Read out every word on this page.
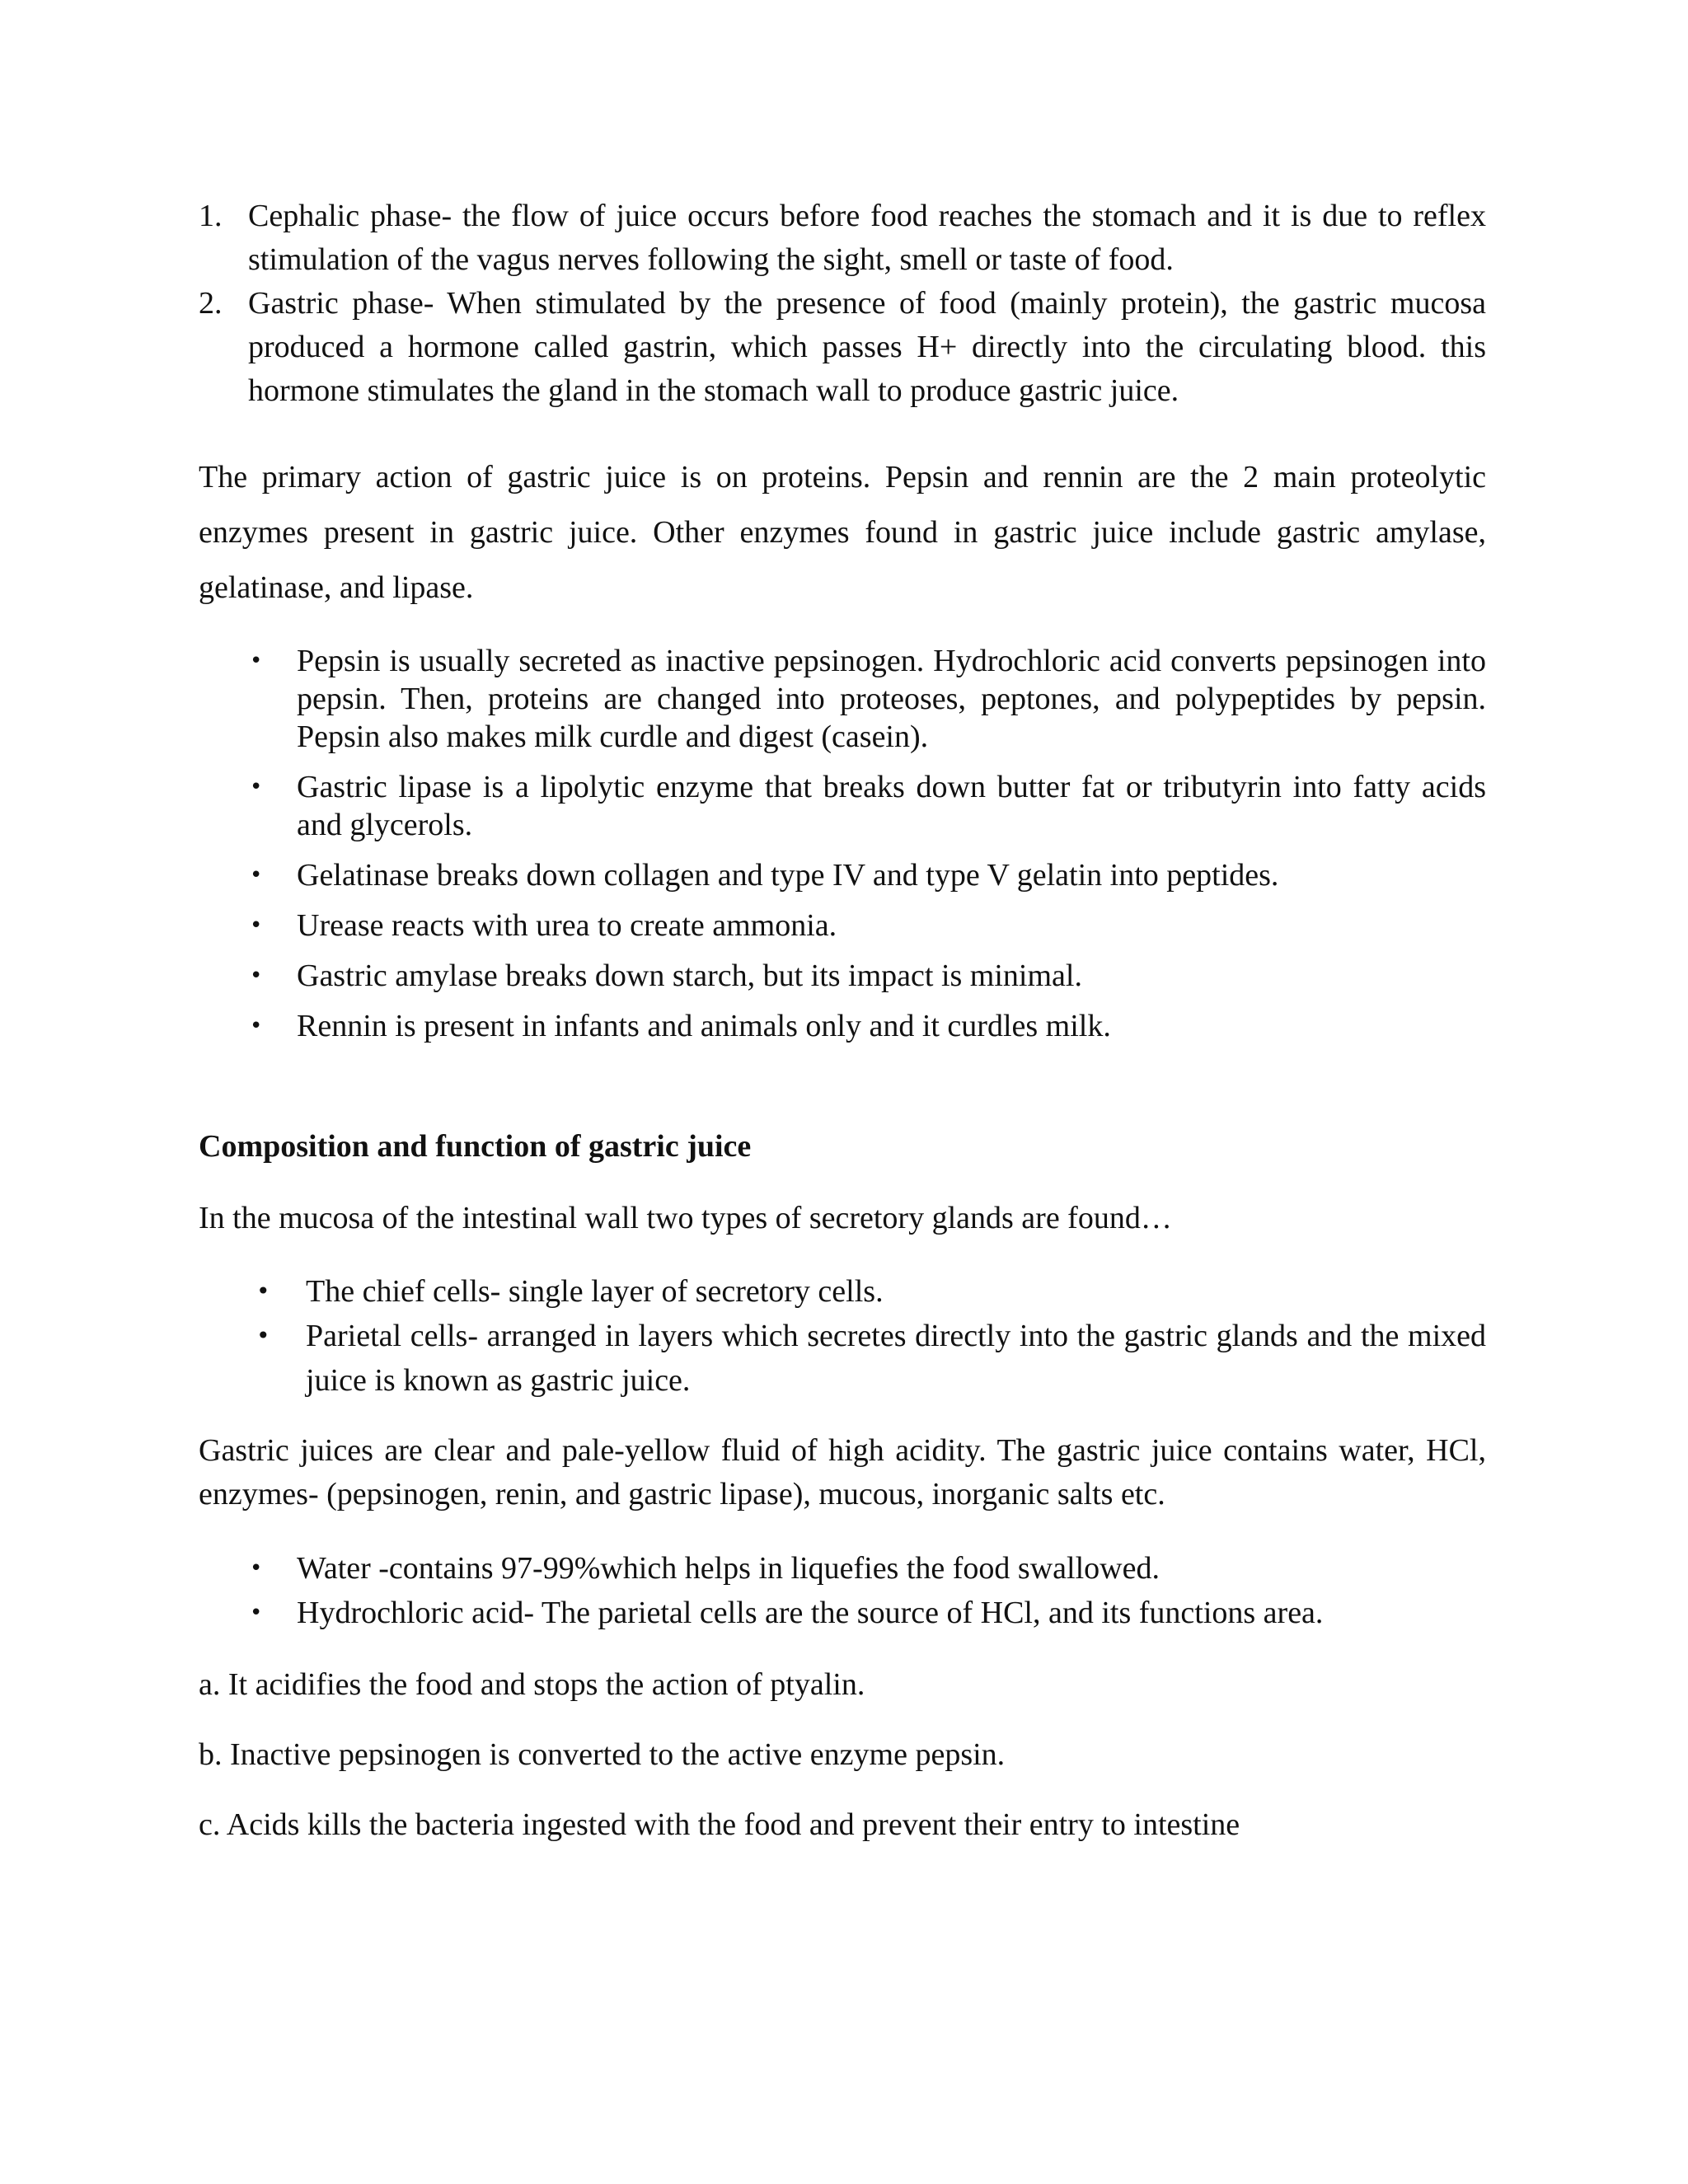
1. Cephalic phase- the flow of juice occurs before food reaches the stomach and it is due to reflex stimulation of the vagus nerves following the sight, smell or taste of food.
2. Gastric phase- When stimulated by the presence of food (mainly protein), the gastric mucosa produced a hormone called gastrin, which passes H+ directly into the circulating blood. this hormone stimulates the gland in the stomach wall to produce gastric juice.

The primary action of gastric juice is on proteins. Pepsin and rennin are the 2 main proteolytic enzymes present in gastric juice. Other enzymes found in gastric juice include gastric amylase, gelatinase, and lipase.

• Pepsin is usually secreted as inactive pepsinogen. Hydrochloric acid converts pepsinogen into pepsin. Then, proteins are changed into proteoses, peptones, and polypeptides by pepsin. Pepsin also makes milk curdle and digest (casein).
• Gastric lipase is a lipolytic enzyme that breaks down butter fat or tributyrin into fatty acids and glycerols.
• Gelatinase breaks down collagen and type IV and type V gelatin into peptides.
• Urease reacts with urea to create ammonia.
• Gastric amylase breaks down starch, but its impact is minimal.
• Rennin is present in infants and animals only and it curdles milk.
Composition and function of gastric juice

In the mucosa of the intestinal wall two types of secretory glands are found…

• The chief cells- single layer of secretory cells.
• Parietal cells- arranged in layers which secretes directly into the gastric glands and the mixed juice is known as gastric juice.

Gastric juices are clear and pale-yellow fluid of high acidity. The gastric juice contains water, HCl, enzymes- (pepsinogen, renin, and gastric lipase), mucous, inorganic salts etc.

• Water -contains 97-99%which helps in liquefies the food swallowed.
• Hydrochloric acid- The parietal cells are the source of HCl, and its functions area.

a. It acidifies the food and stops the action of ptyalin.

b. Inactive pepsinogen is converted to the active enzyme pepsin.

c. Acids kills the bacteria ingested with the food and prevent their entry to intestine
